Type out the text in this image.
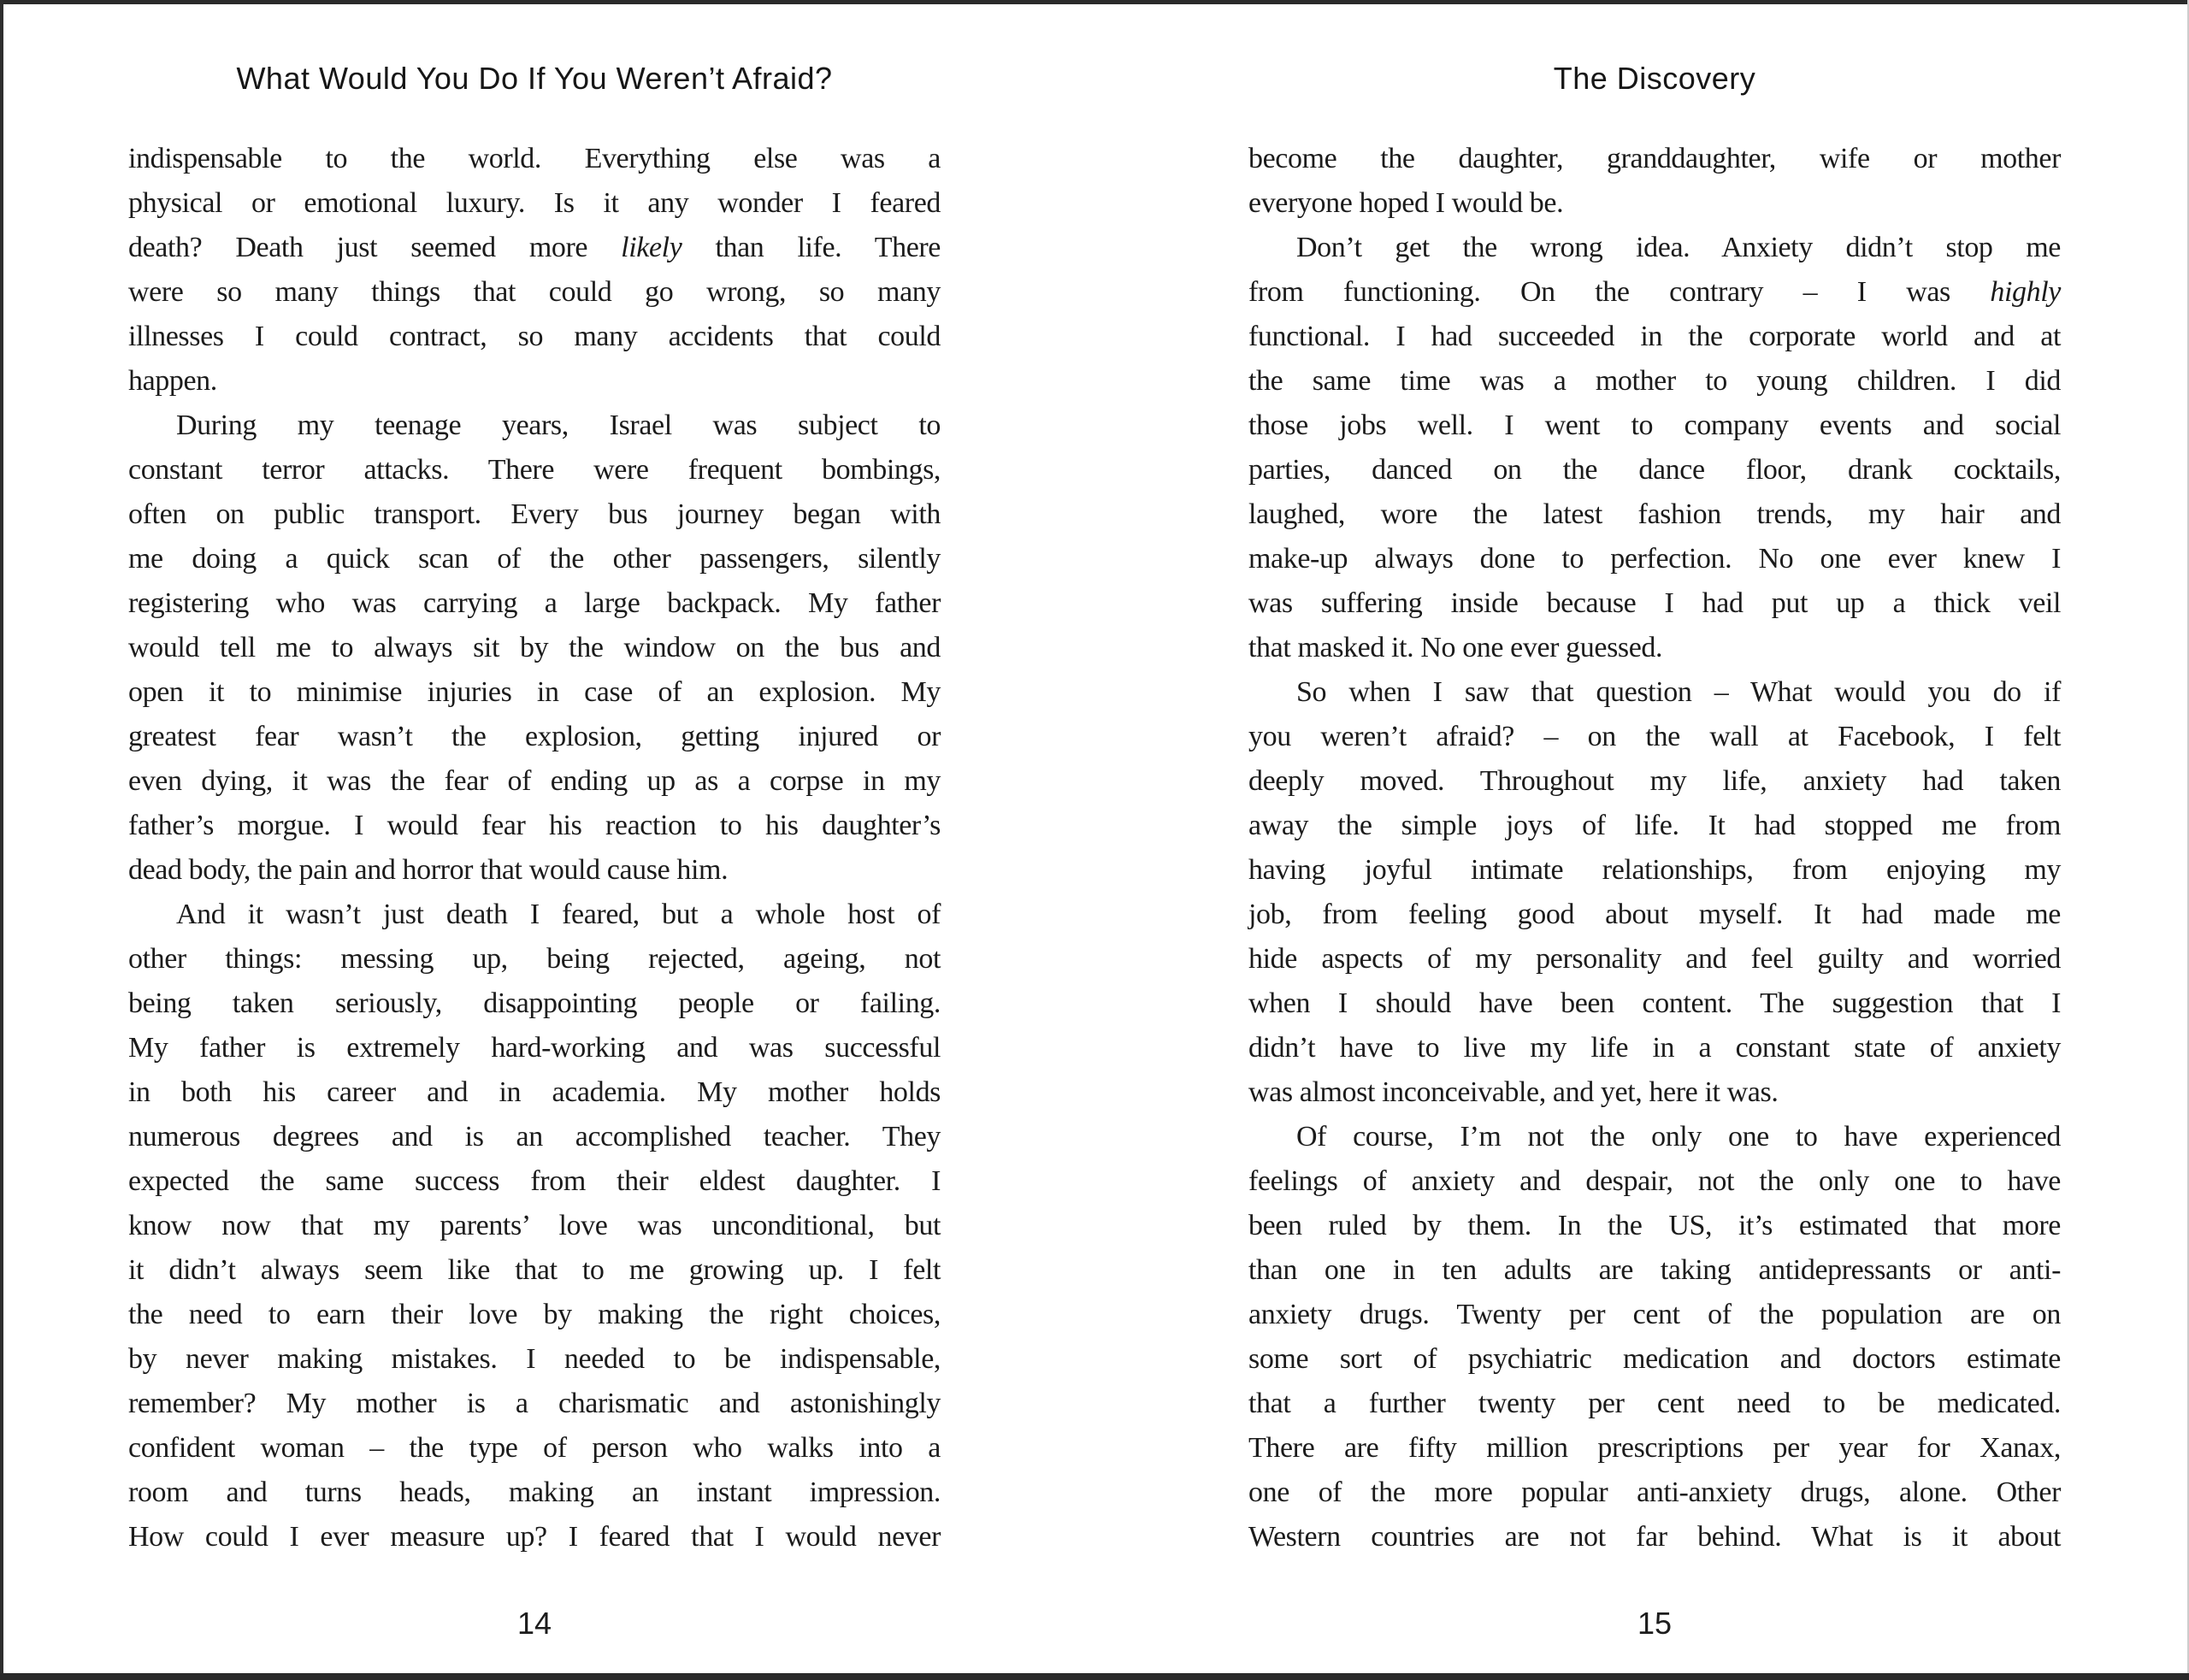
What Would You Do If You Weren’t Afraid?
indispensable to the world. Everything else was a
physical or emotional luxury. Is it any wonder I feared
death? Death just seemed more likely than life. There
were so many things that could go wrong, so many
illnesses I could contract, so many accidents that could
happen.
During my teenage years, Israel was subject to
constant terror attacks. There were frequent bombings,
often on public transport. Every bus journey began with
me doing a quick scan of the other passengers, silently
registering who was carrying a large backpack. My father
would tell me to always sit by the window on the bus and
open it to minimise injuries in case of an explosion. My
greatest fear wasn’t the explosion, getting injured or
even dying, it was the fear of ending up as a corpse in my
father’s morgue. I would fear his reaction to his daughter’s
dead body, the pain and horror that would cause him.
And it wasn’t just death I feared, but a whole host of
other things: messing up, being rejected, ageing, not
being taken seriously, disappointing people or failing.
My father is extremely hard-working and was successful
in both his career and in academia. My mother holds
numerous degrees and is an accomplished teacher. They
expected the same success from their eldest daughter. I
know now that my parents’ love was unconditional, but
it didn’t always seem like that to me growing up. I felt
the need to earn their love by making the right choices,
by never making mistakes. I needed to be indispensable,
remember? My mother is a charismatic and astonishingly
confident woman – the type of person who walks into a
room and turns heads, making an instant impression.
How could I ever measure up? I feared that I would never
14
The Discovery
become the daughter, granddaughter, wife or mother
everyone hoped I would be.
Don’t get the wrong idea. Anxiety didn’t stop me
from functioning. On the contrary – I was highly
functional. I had succeeded in the corporate world and at
the same time was a mother to young children. I did
those jobs well. I went to company events and social
parties, danced on the dance floor, drank cocktails,
laughed, wore the latest fashion trends, my hair and
make-up always done to perfection. No one ever knew I
was suffering inside because I had put up a thick veil
that masked it. No one ever guessed.
So when I saw that question – What would you do if
you weren’t afraid? – on the wall at Facebook, I felt
deeply moved. Throughout my life, anxiety had taken
away the simple joys of life. It had stopped me from
having joyful intimate relationships, from enjoying my
job, from feeling good about myself. It had made me
hide aspects of my personality and feel guilty and worried
when I should have been content. The suggestion that I
didn’t have to live my life in a constant state of anxiety
was almost inconceivable, and yet, here it was.
Of course, I’m not the only one to have experienced
feelings of anxiety and despair, not the only one to have
been ruled by them. In the US, it’s estimated that more
than one in ten adults are taking antidepressants or anti-
anxiety drugs. Twenty per cent of the population are on
some sort of psychiatric medication and doctors estimate
that a further twenty per cent need to be medicated.
There are fifty million prescriptions per year for Xanax,
one of the more popular anti-anxiety drugs, alone. Other
Western countries are not far behind. What is it about
15
